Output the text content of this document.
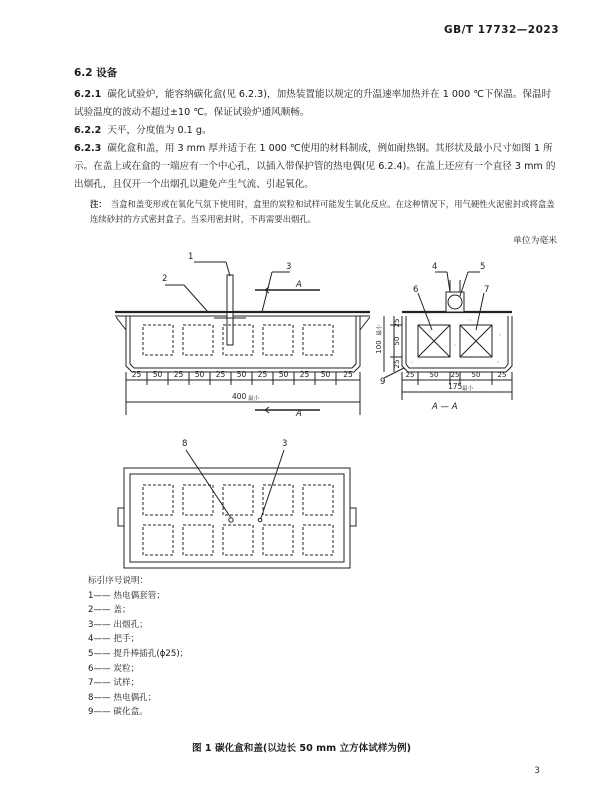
GB/T 17732—2023
6.2 设备
6.2.1 碳化试验炉，能容纳碳化盒(见 6.2.3)，加热装置能以规定的升温速率加热并在 1 000 ℃下保温。保温时试验温度的波动不超过±10 ℃。保证试验炉通风顺畅。
6.2.2 天平，分度值为 0.1 g。
6.2.3 碳化盒和盖，用 3 mm 厚并适于在 1 000 ℃使用的材料制成，例如耐热钢。其形状及最小尺寸如图 1 所示。在盖上或在盒的一端应有一个中心孔，以插入带保护管的热电偶(见 6.2.4)。在盖上还应有一个直径 3 mm 的出烟孔，且仅开一个出烟孔以避免产生气流、引起氧化。
注： 当盒和盖变形或在氧化气氛下使用时，盒里的炭粒和试样可能发生氧化反应。在这种情况下，用气硬性火泥密封或将盒盖连续砂封的方式密封盒子。当采用密封时，不再需要出烟孔。
单位为毫米
1
2
3
A
A
25 50 25 50 25 50 25 50 25 50 25
400 最小
4	5
6	7
9
25 50 25 50 25
175 最小
25
50
25
100
最小
A — A
8	3
标引序号说明：
1—— 热电偶套管；
2—— 盖；
3—— 出烟孔；
4—— 把手；
5—— 提升棒插孔(ϕ25)；
6—— 炭粒；
7—— 试样；
8—— 热电偶孔；
9—— 碳化盒。
图 1 碳化盒和盖(以边长 50 mm 立方体试样为例)
3
